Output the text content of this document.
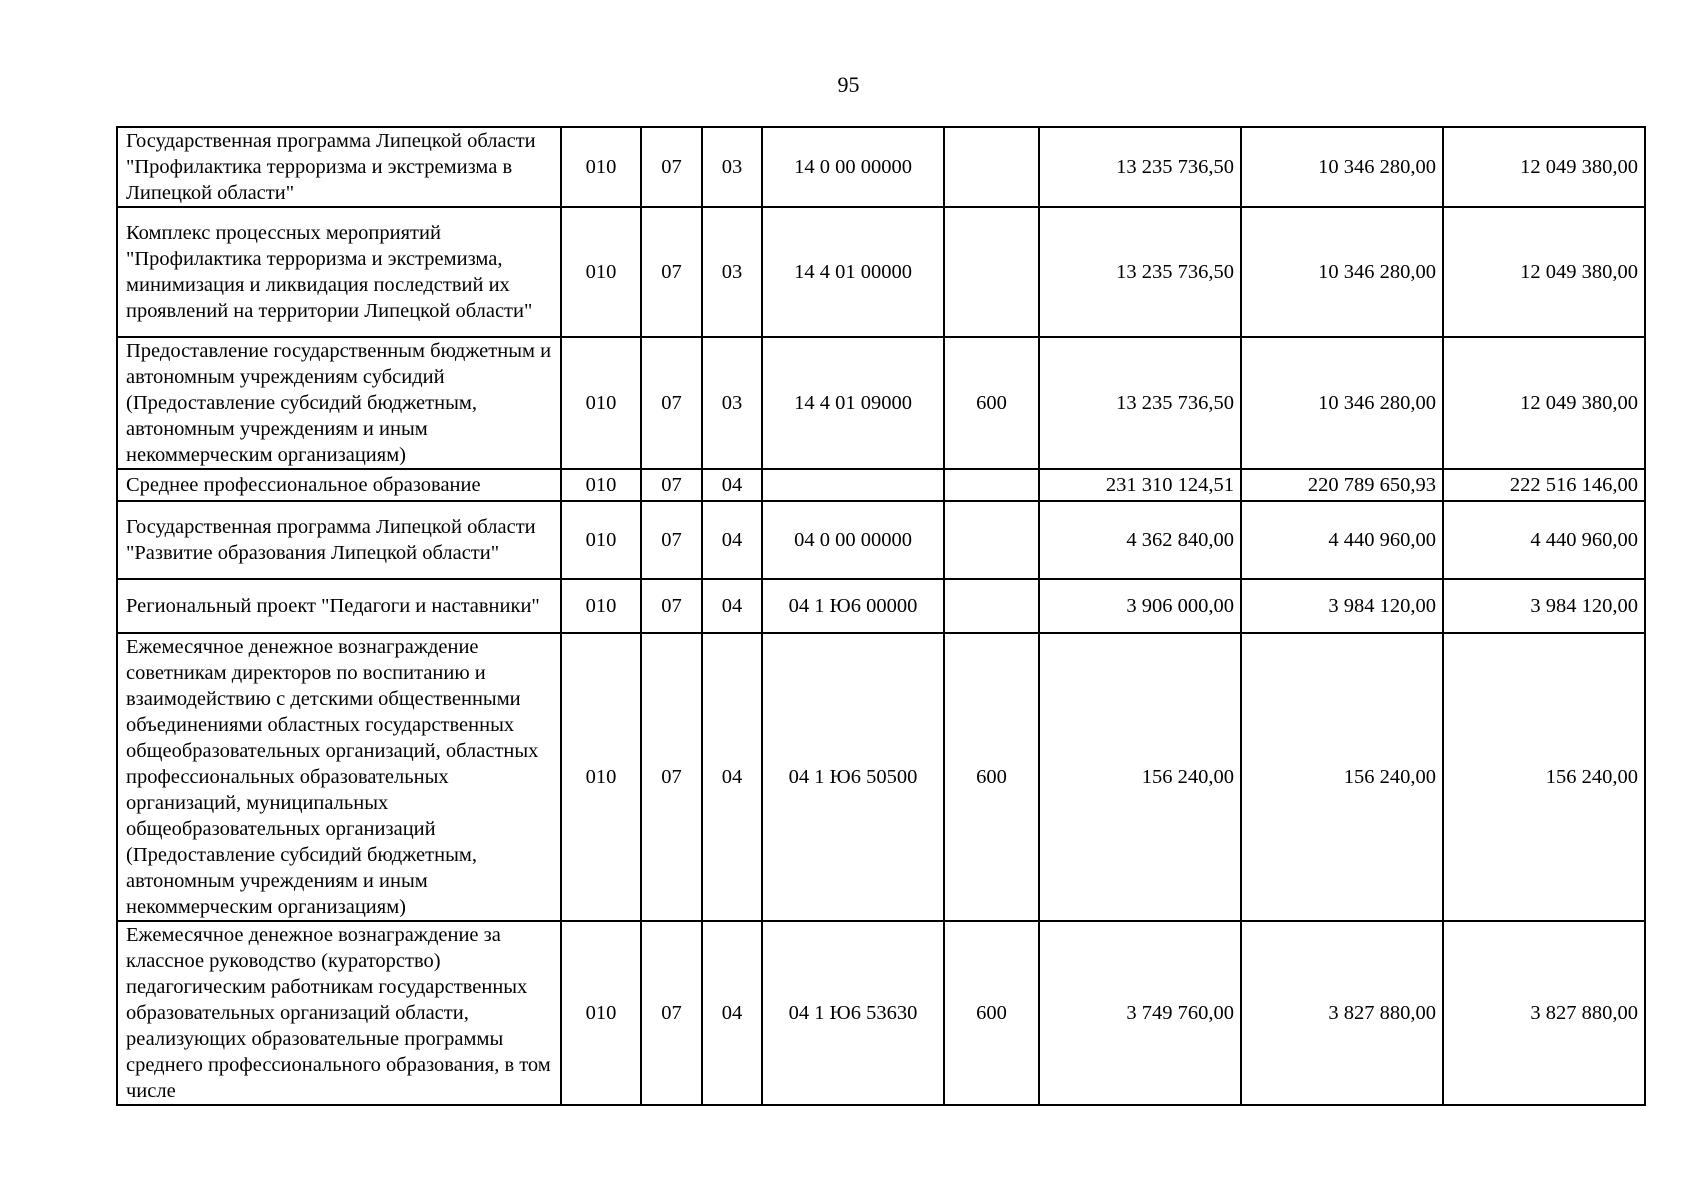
95
Государственная программа Липецкой области "Профилактика терроризма и экстремизма в Липецкой области"	010	07	03	14 0 00 00000		13 235 736,50	10 346 280,00	12 049 380,00
Комплекс процессных мероприятий "Профилактика терроризма и экстремизма, минимизация и ликвидация последствий их проявлений на территории Липецкой области"	010	07	03	14 4 01 00000		13 235 736,50	10 346 280,00	12 049 380,00
Предоставление государственным бюджетным и автономным учреждениям субсидий (Предоставление субсидий бюджетным, автономным учреждениям и иным некоммерческим организациям)	010	07	03	14 4 01 09000	600	13 235 736,50	10 346 280,00	12 049 380,00
Среднее профессиональное образование	010	07	04			231 310 124,51	220 789 650,93	222 516 146,00
Государственная программа Липецкой области "Развитие образования Липецкой области"	010	07	04	04 0 00 00000		4 362 840,00	4 440 960,00	4 440 960,00
Региональный проект "Педагоги и наставники"	010	07	04	04 1 Ю6 00000		3 906 000,00	3 984 120,00	3 984 120,00
Ежемесячное денежное вознаграждение советникам директоров по воспитанию и взаимодействию с детскими общественными объединениями областных государственных общеобразовательных организаций, областных профессиональных образовательных организаций, муниципальных общеобразовательных организаций (Предоставление субсидий бюджетным, автономным учреждениям и иным некоммерческим организациям)	010	07	04	04 1 Ю6 50500	600	156 240,00	156 240,00	156 240,00
Ежемесячное денежное вознаграждение за классное руководство (кураторство) педагогическим работникам государственных образовательных организаций области, реализующих образовательные программы среднего профессионального образования, в том числе	010	07	04	04 1 Ю6 53630	600	3 749 760,00	3 827 880,00	3 827 880,00
